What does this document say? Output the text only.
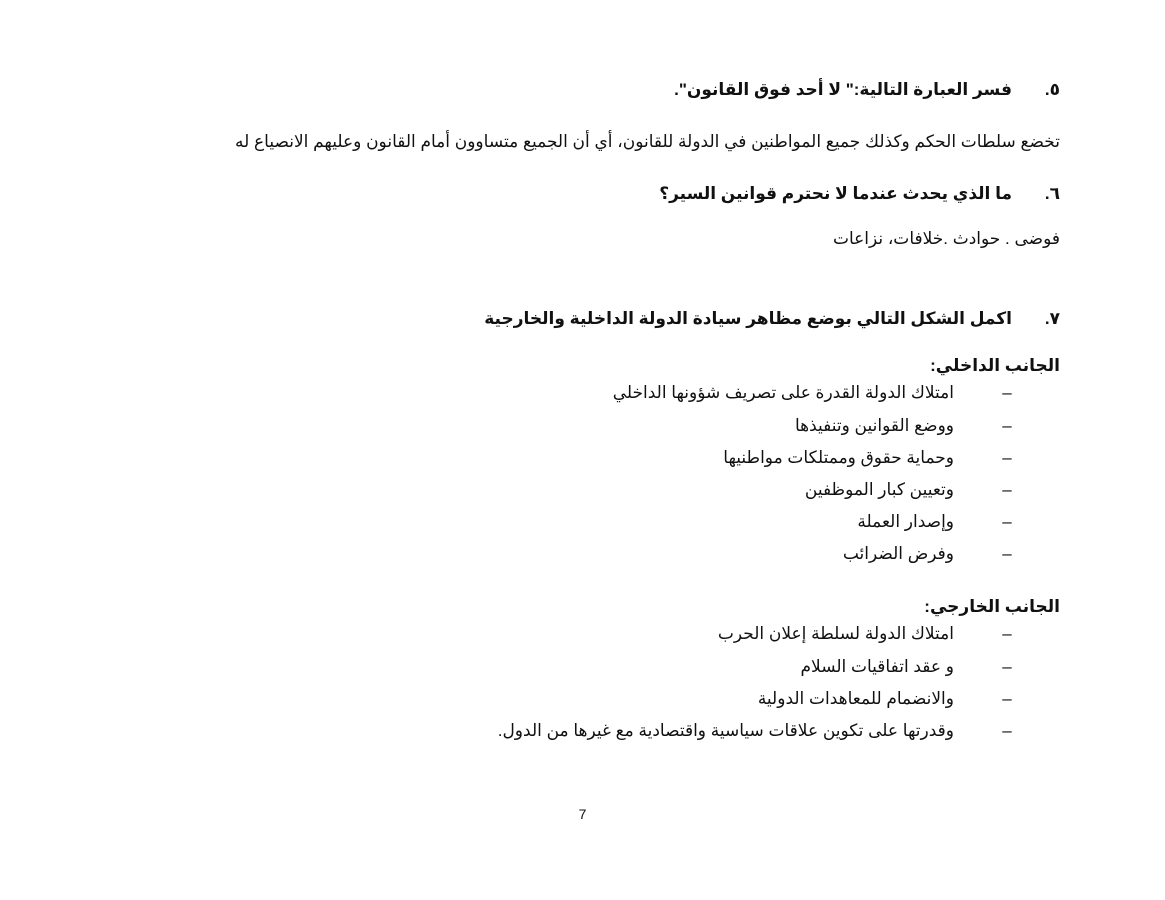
٥.فسر العبارة التالية:" لا أحد فوق القانون".
تخضع سلطات الحكم وكذلك جميع المواطنين في الدولة للقانون، أي أن الجميع متساوون أمام القانون وعليهم الانصياع له
٦.ما الذي يحدث عندما لا نحترم قوانين السير؟
فوضى . حوادث .خلافات، نزاعات
٧.اكمل الشكل التالي بوضع مظاهر سيادة الدولة الداخلية والخارجية
الجانب الداخلي:
–امتلاك الدولة القدرة على تصريف شؤونها الداخلي
–ووضع القوانين وتنفيذها
–وحماية حقوق وممتلكات مواطنيها
–وتعيين كبار الموظفين
–وإصدار العملة
–وفرض الضرائب
الجانب الخارجي:
–امتلاك الدولة لسلطة إعلان الحرب
–و عقد اتفاقيات السلام
–والانضمام للمعاهدات الدولية
–وقدرتها على تكوين علاقات سياسية واقتصادية مع غيرها من الدول.
7
